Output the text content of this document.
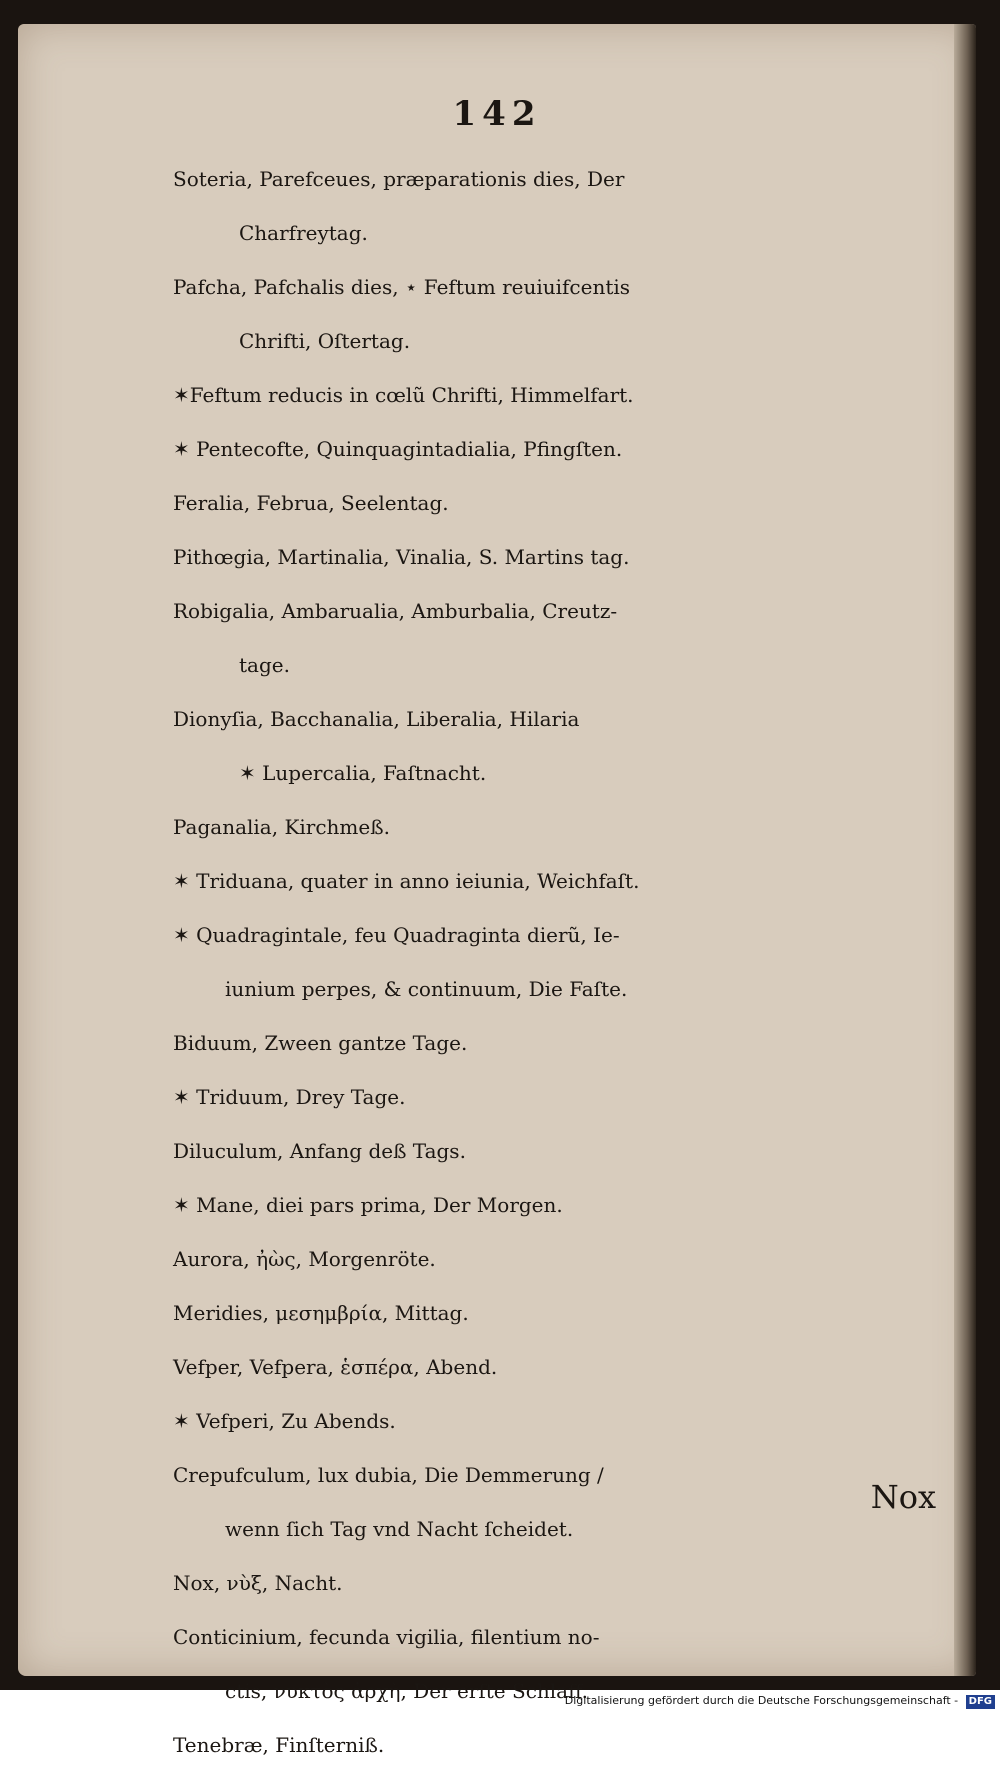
142
Soteria, Parefceues, præparationis dies, Der
Charfreytag.
Pafcha, Pafchalis dies, ⋆ Feftum reuiuifcentis
Chrifti, Oſtertag.
✶Feftum reducis in cœlũ Chrifti, Himmelfart.
✶ Pentecofte, Quinquagintadialia, Pfingſten.
Feralia, Februa, Seelentag.
Pithœgia, Martinalia, Vinalia, S. Martins tag.
Robigalia, Ambarualia, Amburbalia, Creutz-
tage.
Dionyſia, Bacchanalia, Liberalia, Hilaria
✶ Lupercalia, Faſtnacht.
Paganalia, Kirchmeß.
✶ Triduana, quater in anno ieiunia, Weichfaſt.
✶ Quadragintale, feu Quadraginta dierũ, Ie-
iunium perpes, & continuum, Die Faſte.
Biduum, Zween gantze Tage.
✶ Triduum, Drey Tage.
Diluculum, Anfang deß Tags.
✶ Mane, diei pars prima, Der Morgen.
Aurora, ἠὼς, Morgenröte.
Meridies, μεσημβρία, Mittag.
Vefper, Vefpera, ἑσπέρα, Abend.
✶ Vefperi, Zu Abends.
Crepufculum, lux dubia, Die Demmerung /
wenn ſich Tag vnd Nacht ſcheidet.
Nox, νὺξ, Nacht.
Conticinium, fecunda vigilia, filentium no-
ctis, νυκτὸς ἀρχὴ, Der erſte Schlaff.
Tenebræ, Finſterniß.
Nox
Digitalisierung gefördert durch die Deutsche Forschungsgemeinschaft - DFG
